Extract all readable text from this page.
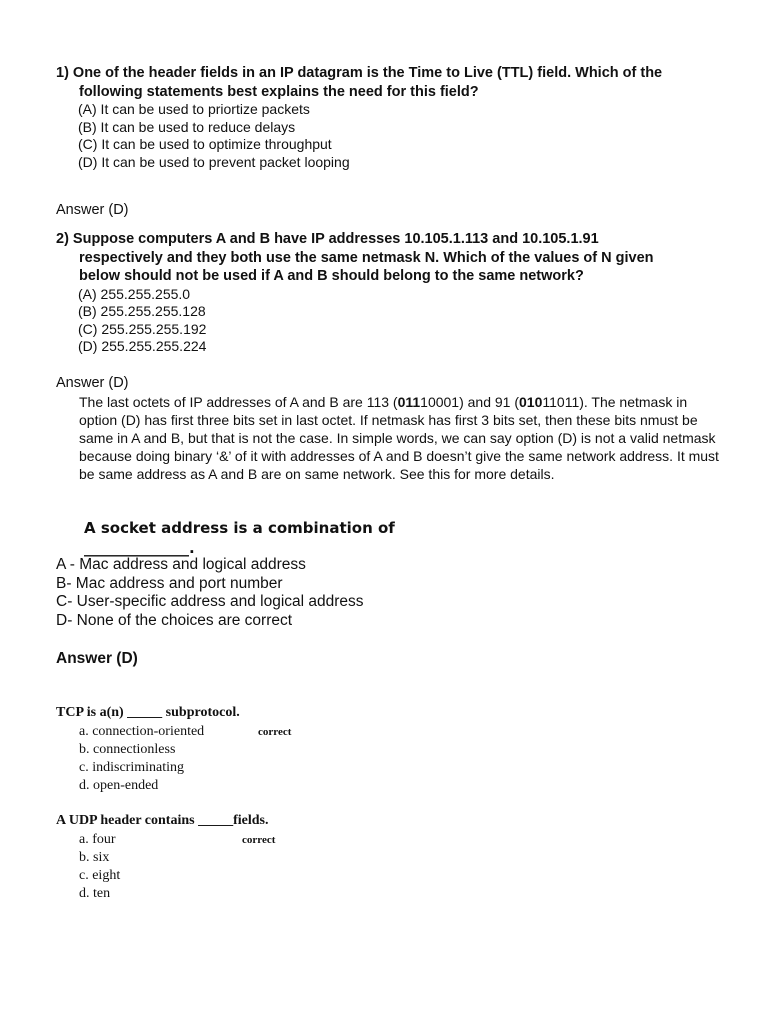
1) One of the header fields in an IP datagram is the Time to Live (TTL) field. Which of the
following statements best explains the need for this field?
(A) It can be used to priortize packets
(B) It can be used to reduce delays
(C) It can be used to optimize throughput
(D) It can be used to prevent packet looping
Answer (D)
2) Suppose computers A and B have IP addresses 10.105.1.113 and 10.105.1.91
respectively and they both use the same netmask N. Which of the values of N given
below should not be used if A and B should belong to the same network?
(A) 255.255.255.0
(B) 255.255.255.128
(C) 255.255.255.192
(D) 255.255.255.224
Answer (D)
The last octets of IP addresses of A and B are 113 (01110001) and 91 (01011011). The netmask in option (D) has first three bits set in last octet. If netmask has first 3 bits set, then these bits nmust be same in A and B, but that is not the case. In simple words, we can say option (D) is not a valid netmask because doing binary ‘&’ of it with addresses of A and B doesn’t give the same network address. It must be same address as A and B are on same network. See this for more details.
A socket address is a combination of
______________.
A - Mac address and logical address
B- Mac address and port number
C- User-specific address and logical address
D- None of the choices are correct
Answer (D)
TCP is a(n) _____ subprotocol.
a. connection-oriented
b. connectionless
c. indiscriminating
d. open-ended
correct
A UDP header contains _____fields.
a. four
b. six
c. eight
d. ten
correct
